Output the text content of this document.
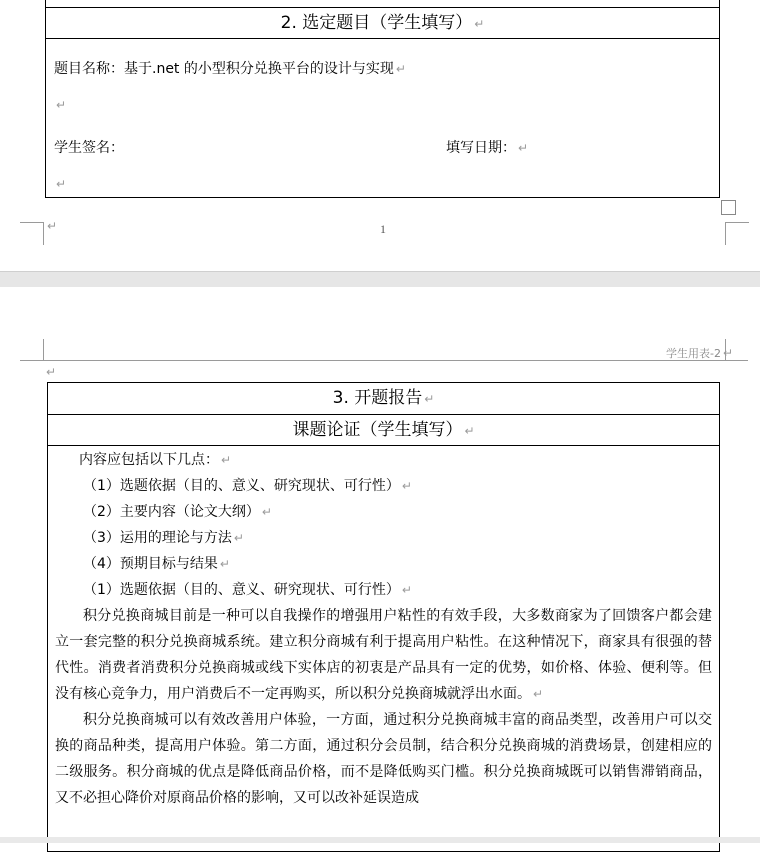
2. 选定题目（学生填写） ↵
题目名称：基于.net 的小型积分兑换平台的设计与实现 ↵
↵
学生签名：	填写日期： ↵
↵
↵	1
学生用表-2 ↵
↵
3. 开题报告 ↵
课题论证（学生填写） ↵

内容应包括以下几点： ↵

（1）选题依据（目的、意义、研究现状、可行性） ↵

（2）主要内容（论文大纲） ↵

（3）运用的理论与方法 ↵

（4）预期目标与结果 ↵

（1）选题依据（目的、意义、研究现状、可行性） ↵

积分兑换商城目前是一种可以自我操作的增强用户粘性的有效手段，大多数商家为了回馈客户都会建立一套完整的积分兑换商城系统。建立积分商城有利于提高用户粘性。在这种情况下，商家具有很强的替代性。消费者消费积分兑换商城或线下实体店的初衷是产品具有一定的优势，如价格、体验、便利等。但没有核心竞争力，用户消费后不一定再购买，所以积分兑换商城就浮出水面。 ↵

积分兑换商城可以有效改善用户体验，一方面，通过积分兑换商城丰富的商品类型，改善用户可以交换的商品种类，提高用户体验。第二方面，通过积分会员制，结合积分兑换商城的消费场景，创建相应的二级服务。积分商城的优点是降低商品价格，而不是降低购买门槛。积分兑换商城既可以销售滞销商品，又不必担心降价对原商品价格的影响，又可以改补延误造成
